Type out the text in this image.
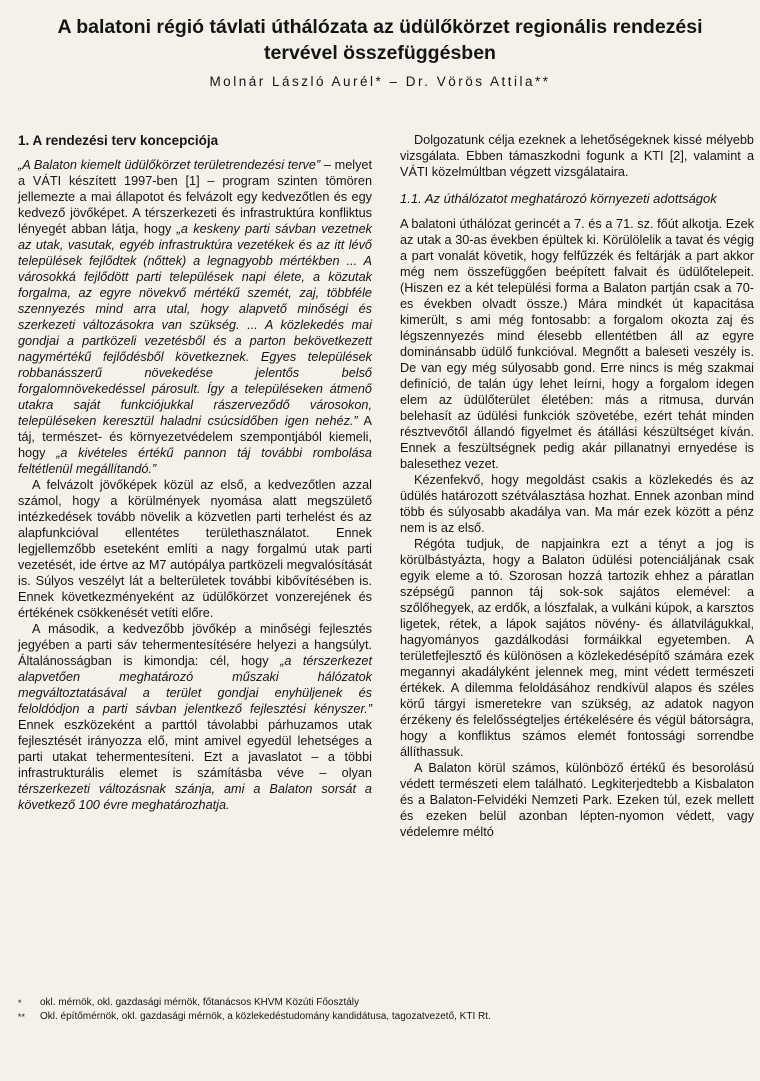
A balatoni régió távlati úthálózata az üdülőkörzet regionális rendezési tervével összefüggésben
Molnár László Aurél* – Dr. Vörös Attila**
1. A rendezési terv koncepciója

„A Balaton kiemelt üdülőkörzet területrendezési terve” – melyet a VÁTI készített 1997-ben [1] – program szinten tömören jellemezte a mai állapotot és felvázolt egy kedvezőtlen és egy kedvező jövőképet. A térszerkezeti és infrastruktúra konfliktus lényegét abban látja, hogy „a keskeny parti sávban vezetnek az utak, vasutak, egyéb infrastruktúra vezetékek és az itt lévő települések fejlődtek (nőttek) a legnagyobb mértékben ... A városokká fejlődött parti települések napi élete, a közutak forgalma, az egyre növekvő mértékű szemét, zaj, többféle szennyezés mind arra utal, hogy alapvető minőségi és szerkezeti változásokra van szükség. ... A közlekedés mai gondjai a partközeli vezetésből és a parton bekövetkezett nagymértékű fejlődésből következnek. Egyes települések robbanásszerű növekedése jelentős belső forgalomnövekedéssel párosult. Így a településeken átmenő utakra saját funkciójukkal rászerveződő városokon, településeken keresztül haladni csúcsidőben igen nehéz.” A táj, természet- és környezetvédelem szempontjából kiemeli, hogy „a kivételes értékű pannon táj további rombolása feltétlenül megállítandó.”

A felvázolt jövőképek közül az első, a kedvezőtlen azzal számol, hogy a körülmények nyomása alatt megszülető intézkedések tovább növelik a közvetlen parti terhelést és az alapfunkcióval ellentétes területhasználatot. Ennek legjellemzőbb eseteként említi a nagy forgalmú utak parti vezetését, ide értve az M7 autópálya partközeli megvalósítását is. Súlyos veszélyt lát a belterületek további kibővítésében is. Ennek következményeként az üdülőkörzet vonzerejének és értékének csökkenését vetíti előre.

A második, a kedvezőbb jövőkép a minőségi fejlesztés jegyében a parti sáv tehermentesítésére helyezi a hangsúlyt. Általánosságban is kimondja: cél, hogy „a térszerkezet alapvetően meghatározó műszaki hálózatok megváltoztatásával a terület gondjai enyhüljenek és feloldódjon a parti sávban jelentkező fejlesztési kényszer.” Ennek eszközeként a parttól távolabbi párhuzamos utak fejlesztését irányozza elő, mint amivel egyedül lehetséges a parti utakat tehermentesíteni. Ezt a javaslatot – a többi infrastrukturális elemet is számításba véve – olyan térszerkezeti változásnak szánja, ami a Balaton sorsát a következő 100 évre meghatározhatja.

Dolgozatunk célja ezeknek a lehetőségeknek kissé mélyebb vizsgálata. Ebben támaszkodni fogunk a KTI [2], valamint a VÁTI közelmúltban végzett vizsgálataira.

1.1. Az úthálózatot meghatározó környezeti adottságok

A balatoni úthálózat gerincét a 7. és a 71. sz. főút alkotja. Ezek az utak a 30-as években épültek ki. Körülölelik a tavat és végig a part vonalát követik, hogy felfűzzék és feltárják a part akkor még nem összefüggően beépített falvait és üdülőtelepeit. (Hiszen ez a két települési forma a Balaton partján csak a 70-es években olvadt össze.) Mára mindkét út kapacitása kimerült, s ami még fontosabb: a forgalom okozta zaj és légszennyezés mind élesebb ellentétben áll az egyre dominánsabb üdülő funkcióval. Megnőtt a baleseti veszély is. De van egy még súlyosabb gond. Erre nincs is még szakmai definíció, de talán úgy lehet leírni, hogy a forgalom idegen elem az üdülőterület életében: más a ritmusa, durván belehasít az üdülési funkciók szövetébe, ezért tehát minden résztvevőtől állandó figyelmet és átállási készültséget kíván. Ennek a feszültségnek pedig akár pillanatnyi ernyedése is balesethez vezet.

Kézenfekvő, hogy megoldást csakis a közlekedés és az üdülés határozott szétválasztása hozhat. Ennek azonban mind több és súlyosabb akadálya van. Ma már ezek között a pénz nem is az első.

Régóta tudjuk, de napjainkra ezt a tényt a jog is körülbástyázta, hogy a Balaton üdülési potenciáljának csak egyik eleme a tó. Szorosan hozzá tartozik ehhez a páratlan szépségű pannon táj sok-sok sajátos elemével: a szőlőhegyek, az erdők, a lószfalak, a vulkáni kúpok, a karsztos ligetek, rétek, a lápok sajátos növény- és állatvilágukkal, hagyományos gazdálkodási formáikkal egyetemben. A területfejlesztő és különösen a közlekedésépítő számára ezek megannyi akadályként jelennek meg, mint védett természeti értékek. A dilemma feloldásához rendkívül alapos és széles körű tárgyi ismeretekre van szükség, az adatok nagyon érzékeny és felelősségteljes értékelésére és végül bátorságra, hogy a konfliktus számos elemét fontossági sorrendbe állíthassuk.

A Balaton körül számos, különböző értékű és besorolású védett természeti elem található. Legkiterjedtebb a Kisbalaton és a Balaton-Felvidéki Nemzeti Park. Ezeken túl, ezek mellett és ezeken belül azonban lépten-nyomon védett, vagy védelemre méltó

*	okl. mérnök, okl. gazdasági mérnök, főtanácsos KHVM Közúti Főosztály
**	Okl. építőmérnök, okl. gazdasági mérnök, a közlekedéstudomány kandidátusa, tagozatvezető, KTI Rt.
